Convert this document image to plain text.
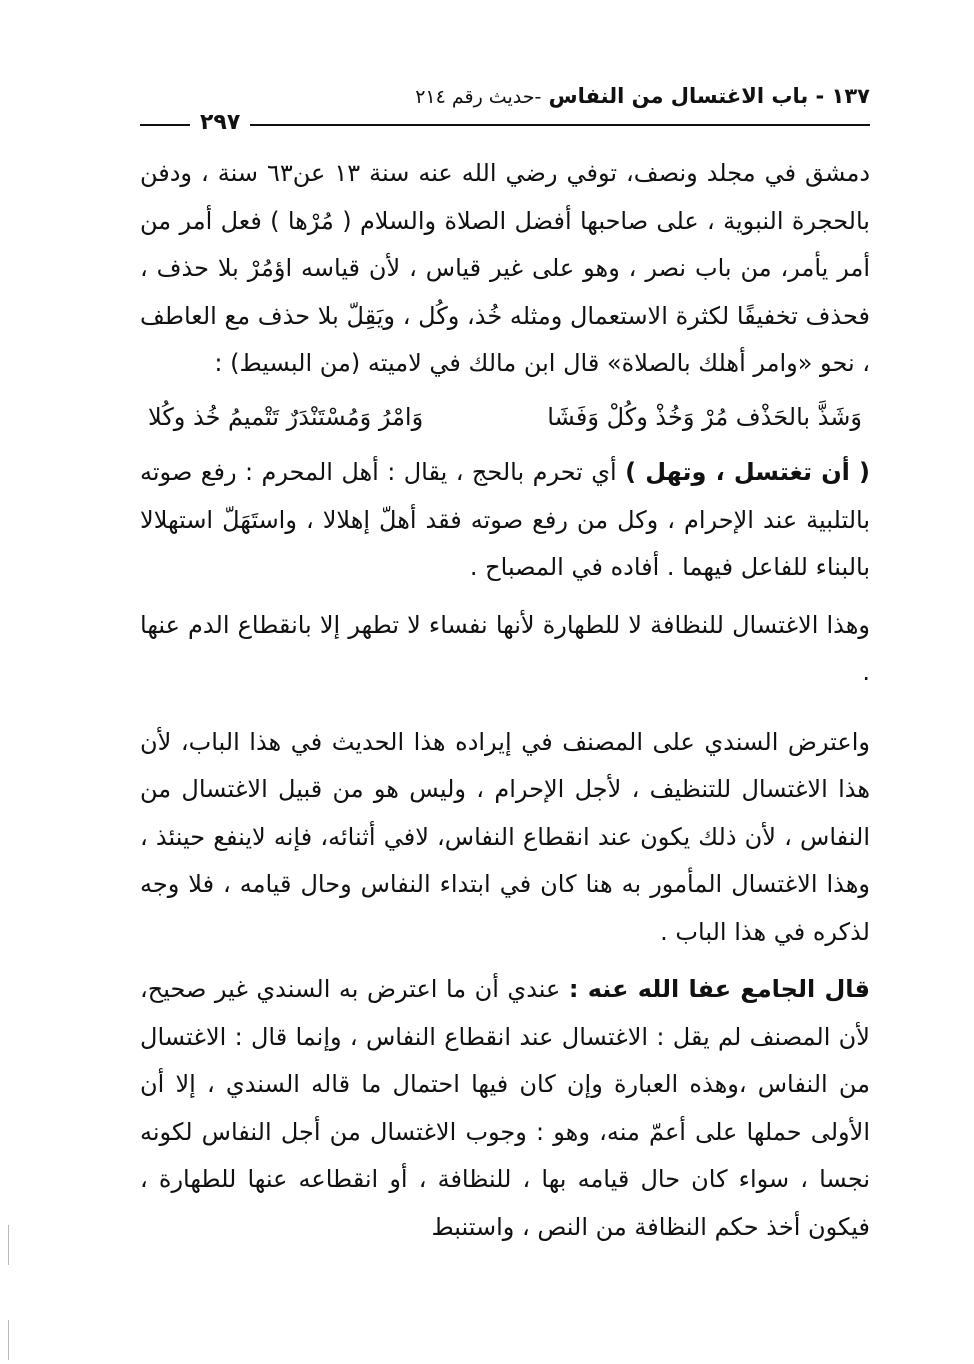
١٣٧ - باب الاغتسال من النفاس -حديث رقم ٢١٤
٢٩٧

دمشق في مجلد ونصف، توفي رضي الله عنه سنة ١٣ عن٦٣ سنة ، ودفن بالحجرة النبوية ، على صاحبها أفضل الصلاة والسلام ( مُرْها ) فعل أمر من أمر يأمر، من باب نصر ، وهو على غير قياس ، لأن قياسه اؤمُرْ بلا حذف ، فحذف تخفيفًا لكثرة الاستعمال ومثله خُذ، وكُل ، ويَقِلّ بلا حذف مع العاطف ، نحو «وامر أهلك بالصلاة» قال ابن مالك في لاميته (من البسيط) :

وَشَذَّ بالحَذْف مُرْ وَخُذْ وكُلْ وَفَشَا
وَامْرُ وَمُسْتَنْدَرٌ تَتْميمُ خُذ وكُلا

( أن تغتسل ، وتهل ) أي تحرم بالحج ، يقال : أهل المحرم : رفع صوته بالتلبية عند الإحرام ، وكل من رفع صوته فقد أهلّ إهلالا ، واستَهَلّ استهلالا بالبناء للفاعل فيهما . أفاده في المصباح .

وهذا الاغتسال للنظافة لا للطهارة لأنها نفساء لا تطهر إلا بانقطاع الدم عنها .

واعترض السندي على المصنف في إيراده هذا الحديث في هذا الباب، لأن هذا الاغتسال للتنظيف ، لأجل الإحرام ، وليس هو من قبيل الاغتسال من النفاس ، لأن ذلك يكون عند انقطاع النفاس، لافي أثنائه، فإنه لاينفع حينئذ ، وهذا الاغتسال المأمور به هنا كان في ابتداء النفاس وحال قيامه ، فلا وجه لذكره في هذا الباب .

قال الجامع عفا الله عنه : عندي أن ما اعترض به السندي غير صحيح، لأن المصنف لم يقل : الاغتسال عند انقطاع النفاس ، وإنما قال : الاغتسال من النفاس ،وهذه العبارة وإن كان فيها احتمال ما قاله السندي ، إلا أن الأولى حملها على أعمّ منه، وهو : وجوب الاغتسال من أجل النفاس لكونه نجسا ، سواء كان حال قيامه بها ، للنظافة ، أو انقطاعه عنها للطهارة ، فيكون أخذ حكم النظافة من النص ، واستنبط
